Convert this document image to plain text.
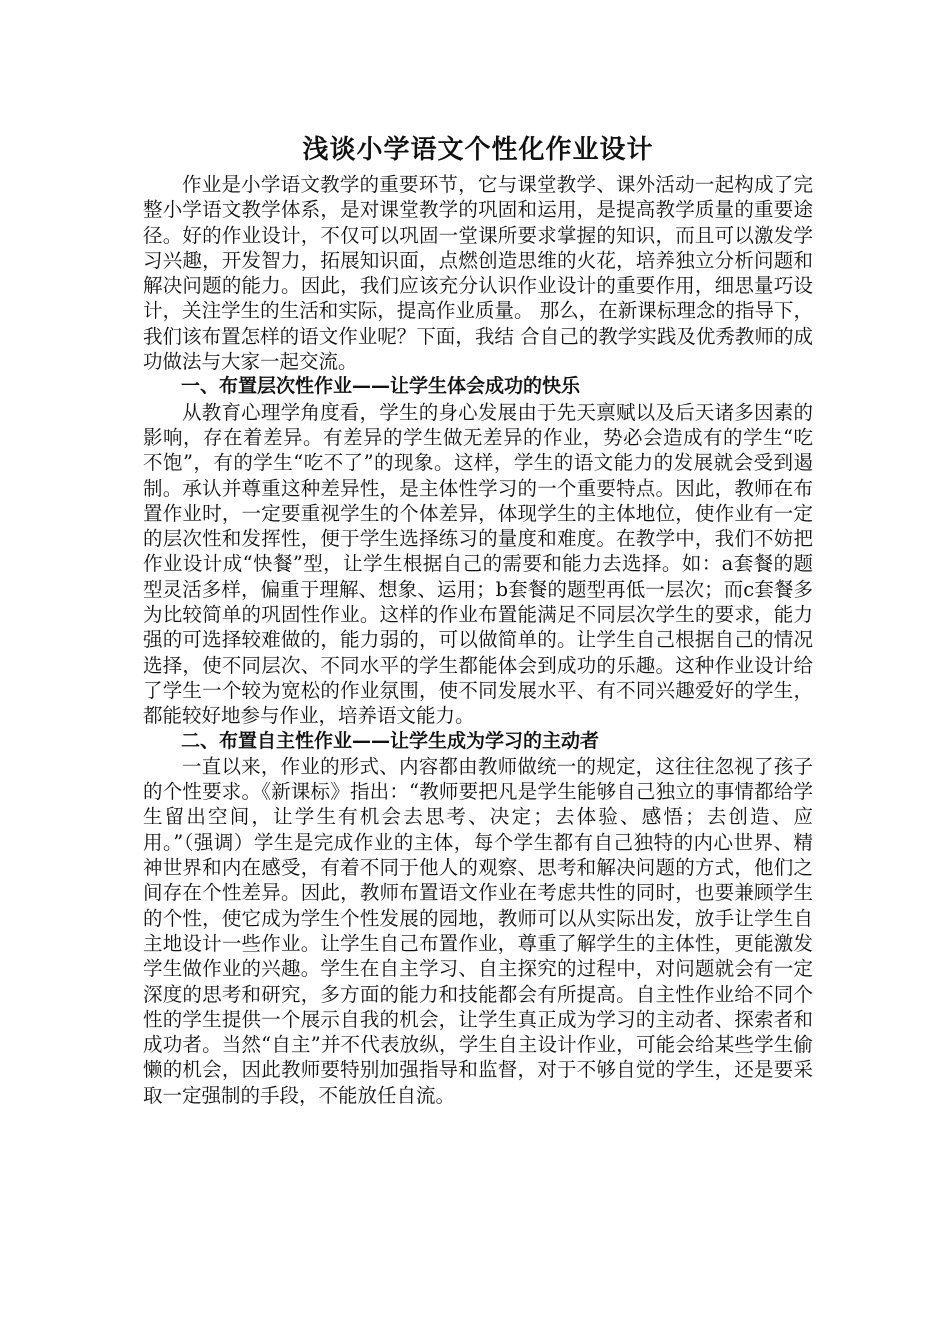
浅谈小学语文个性化作业设计

作业是小学语文教学的重要环节，它与课堂教学、课外活动一起构成了完整小学语文教学体系，是对课堂教学的巩固和运用，是提高教学质量的重要途径。好的作业设计，不仅可以巩固一堂课所要求掌握的知识，而且可以激发学习兴趣，开发智力，拓展知识面，点燃创造思维的火花，培养独立分析问题和解决问题的能力。因此，我们应该充分认识作业设计的重要作用，细思量巧设计，关注学生的生活和实际，提高作业质量。 那么，在新课标理念的指导下，我们该布置怎样的语文作业呢？下面，我结 合自己的教学实践及优秀教师的成功做法与大家一起交流。

一、布置层次性作业——让学生体会成功的快乐

从教育心理学角度看，学生的身心发展由于先天禀赋以及后天诸多因素的影响，存在着差异。有差异的学生做无差异的作业，势必会造成有的学生“吃不饱”，有的学生“吃不了”的现象。这样，学生的语文能力的发展就会受到遏制。承认并尊重这种差异性，是主体性学习的一个重要特点。因此，教师在布置作业时，一定要重视学生的个体差异，体现学生的主体地位，使作业有一定的层次性和发挥性，便于学生选择练习的量度和难度。在教学中，我们不妨把作业设计成“快餐”型，让学生根据自己的需要和能力去选择。如：a套餐的题型灵活多样，偏重于理解、想象、运用；b套餐的题型再低一层次；而c套餐多为比较简单的巩固性作业。这样的作业布置能满足不同层次学生的要求，能力强的可选择较难做的，能力弱的，可以做简单的。让学生自己根据自己的情况选择，使不同层次、不同水平的学生都能体会到成功的乐趣。这种作业设计给了学生一个较为宽松的作业氛围，使不同发展水平、有不同兴趣爱好的学生，都能较好地参与作业，培养语文能力。

二、布置自主性作业——让学生成为学习的主动者

一直以来，作业的形式、内容都由教师做统一的规定，这往往忽视了孩子的个性要求。《新课标》指出：“教师要把凡是学生能够自己独立的事情都给学生留出空间，让学生有机会去思考、决定；去体验、感悟；去创造、应用。”（强调）学生是完成作业的主体，每个学生都有自己独特的内心世界、精神世界和内在感受，有着不同于他人的观察、思考和解决问题的方式，他们之间存在个性差异。因此，教师布置语文作业在考虑共性的同时，也要兼顾学生的个性，使它成为学生个性发展的园地，教师可以从实际出发，放手让学生自主地设计一些作业。让学生自己布置作业，尊重了解学生的主体性，更能激发学生做作业的兴趣。学生在自主学习、自主探究的过程中，对问题就会有一定深度的思考和研究，多方面的能力和技能都会有所提高。自主性作业给不同个性的学生提供一个展示自我的机会，让学生真正成为学习的主动者、探索者和成功者。当然“自主”并不代表放纵，学生自主设计作业，可能会给某些学生偷懒的机会，因此教师要特别加强指导和监督，对于不够自觉的学生，还是要采取一定强制的手段，不能放任自流。
